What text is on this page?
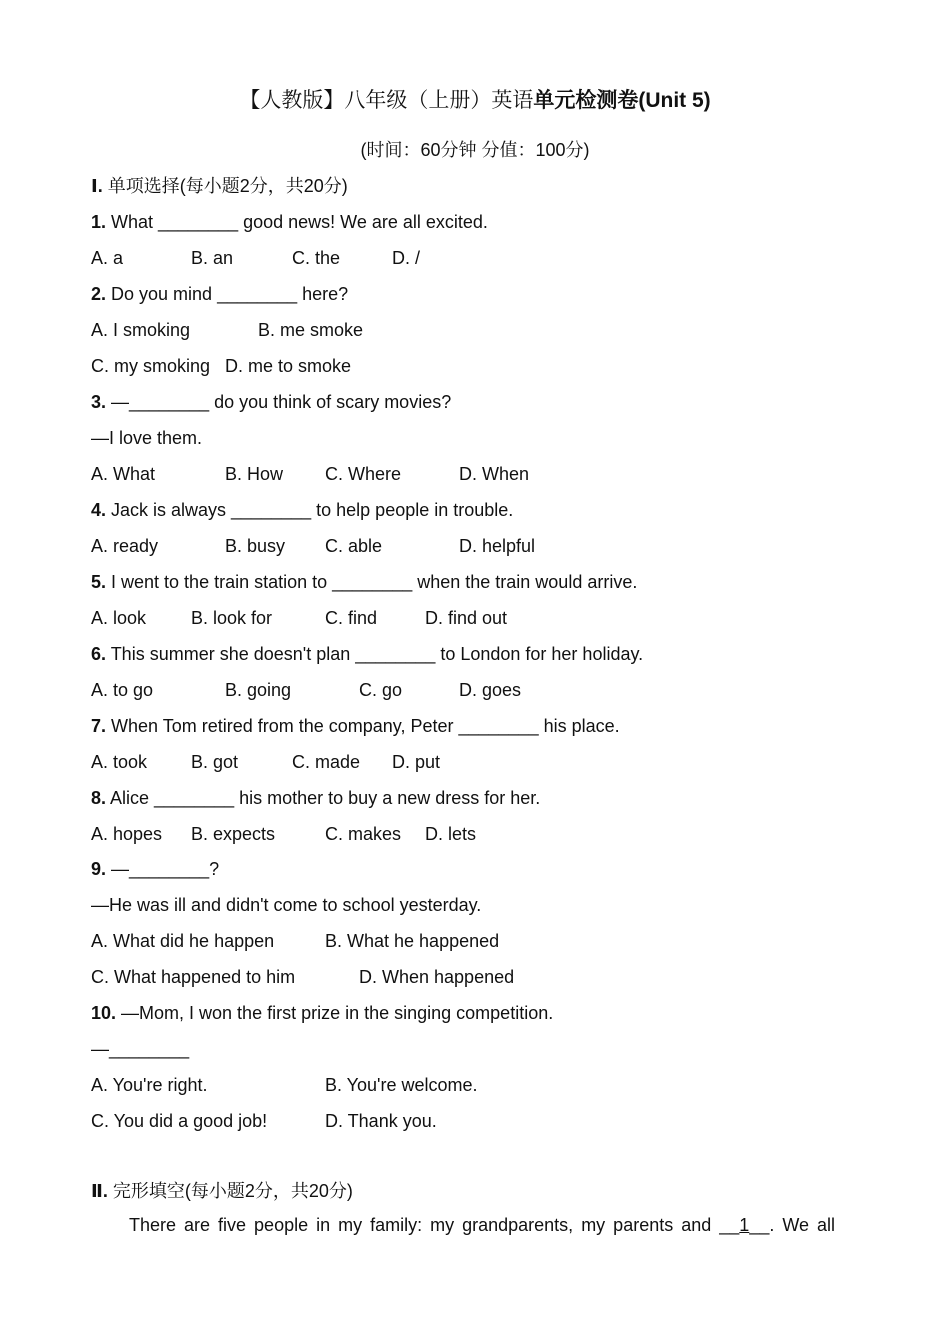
【人教版】八年级（上册）英语单元检测卷(Unit 5)
(时间：60分钟 分值：100分)
Ⅰ. 单项选择(每小题2分，共20分)
1. What ________ good news! We are all excited.
A. a	B. an	C. the	D. /
2. Do you mind ________ here?
A. I smoking	B. me smoke
C. my smoking D. me to smoke
3. —________ do you think of scary movies?
—I love them.
A. What	B. How C. Where	D. When
4. Jack is always ________ to help people in trouble.
A. ready	B. busy C. able	D. helpful
5. I went to the train station to ________ when the train would arrive.
A. look B. look for	C. find	D. find out
6. This summer she doesn't plan ________ to London for her holiday.
A. to go	B. going	C. go	D. goes
7. When Tom retired from the company, Peter ________ his place.
A. took B. got	C. made D. put
8. Alice ________ his mother to buy a new dress for her.
A. hopes B. expects	C. makes D. lets
9. —________?
—He was ill and didn't come to school yesterday.
A. What did he happen	B. What he happened
C. What happened to him	D. When happened
10. —Mom, I won the first prize in the singing competition.
—________
A. You're right.	B. You're welcome.
C. You did a good job!	D. Thank you.
Ⅱ. 完形填空(每小题2分，共20分)
There are five people in my family: my grandparents, my parents and __1__. We all
